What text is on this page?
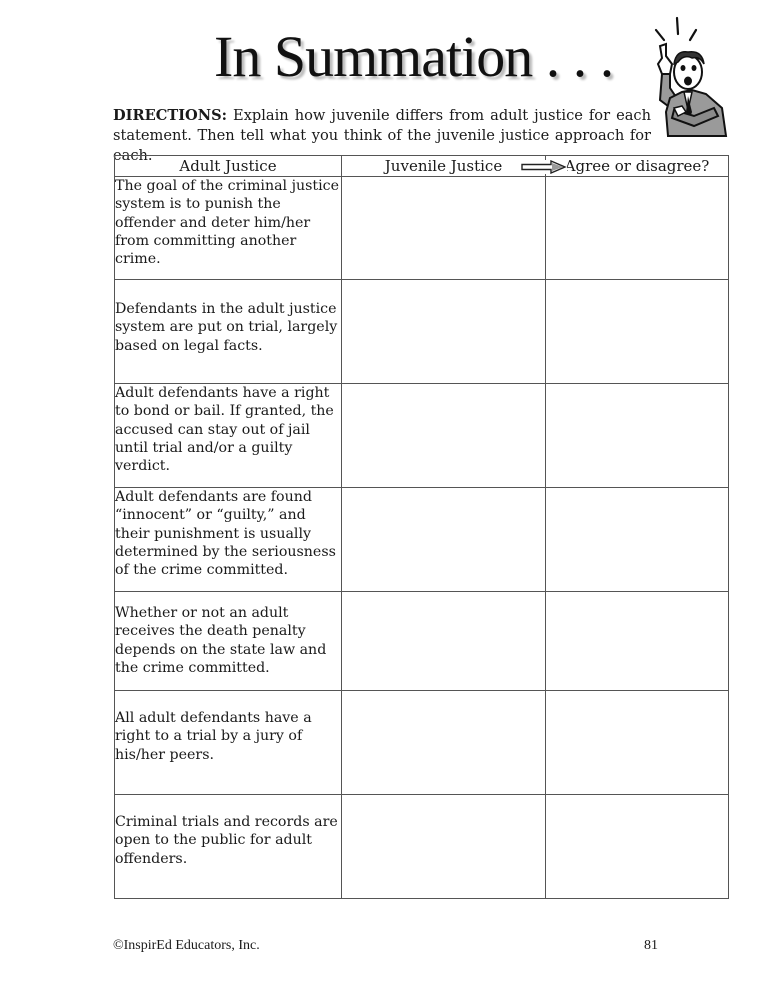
In Summation . . .
DIRECTIONS: Explain how juvenile differs from adult justice for each statement. Then tell what you think of the juvenile justice approach for each.
Adult Justice	Juvenile Justice	Agree or disagree?
The goal of the criminal justice system is to punish the offender and deter him/her from committing another crime.		
Defendants in the adult justice system are put on trial, largely based on legal facts.		
Adult defendants have a right to bond or bail. If granted, the accused can stay out of jail until trial and/or a guilty verdict.		
Adult defendants are found “innocent” or “guilty,” and their punishment is usually determined by the seriousness of the crime committed.		
Whether or not an adult receives the death penalty depends on the state law and the crime committed.		
All adult defendants have a right to a trial by a jury of his/her peers.		
Criminal trials and records are open to the public for adult offenders.		
©InspirEd Educators, Inc.	81
